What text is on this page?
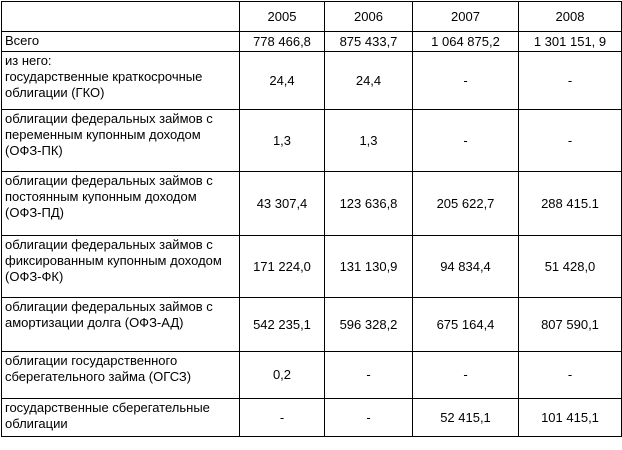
	2005	2006	2007	2008
Всего	778 466,8	875 433,7	1 064 875,2	1 301 151, 9
из него:
государственные краткосрочные облигации (ГКО)	24,4	24,4	-	-
облигации федеральных займов с переменным купонным доходом (ОФЗ-ПК)	1,3	1,3	-	-
облигации федеральных займов с постоянным купонным доходом (ОФЗ-ПД)	43 307,4	123 636,8	205 622,7	288 415.1
облигации федеральных займов с фиксированным купонным доходом (ОФЗ-ФК)	171 224,0	131 130,9	94 834,4	51 428,0
облигации федеральных займов с амортизации долга (ОФЗ-АД)	542 235,1	596 328,2	675 164,4	807 590,1
облигации государственного сберегательного займа (ОГСЗ)	0,2	-	-	-
государственные сберегательные облигации	-	-	52 415,1	101 415,1
